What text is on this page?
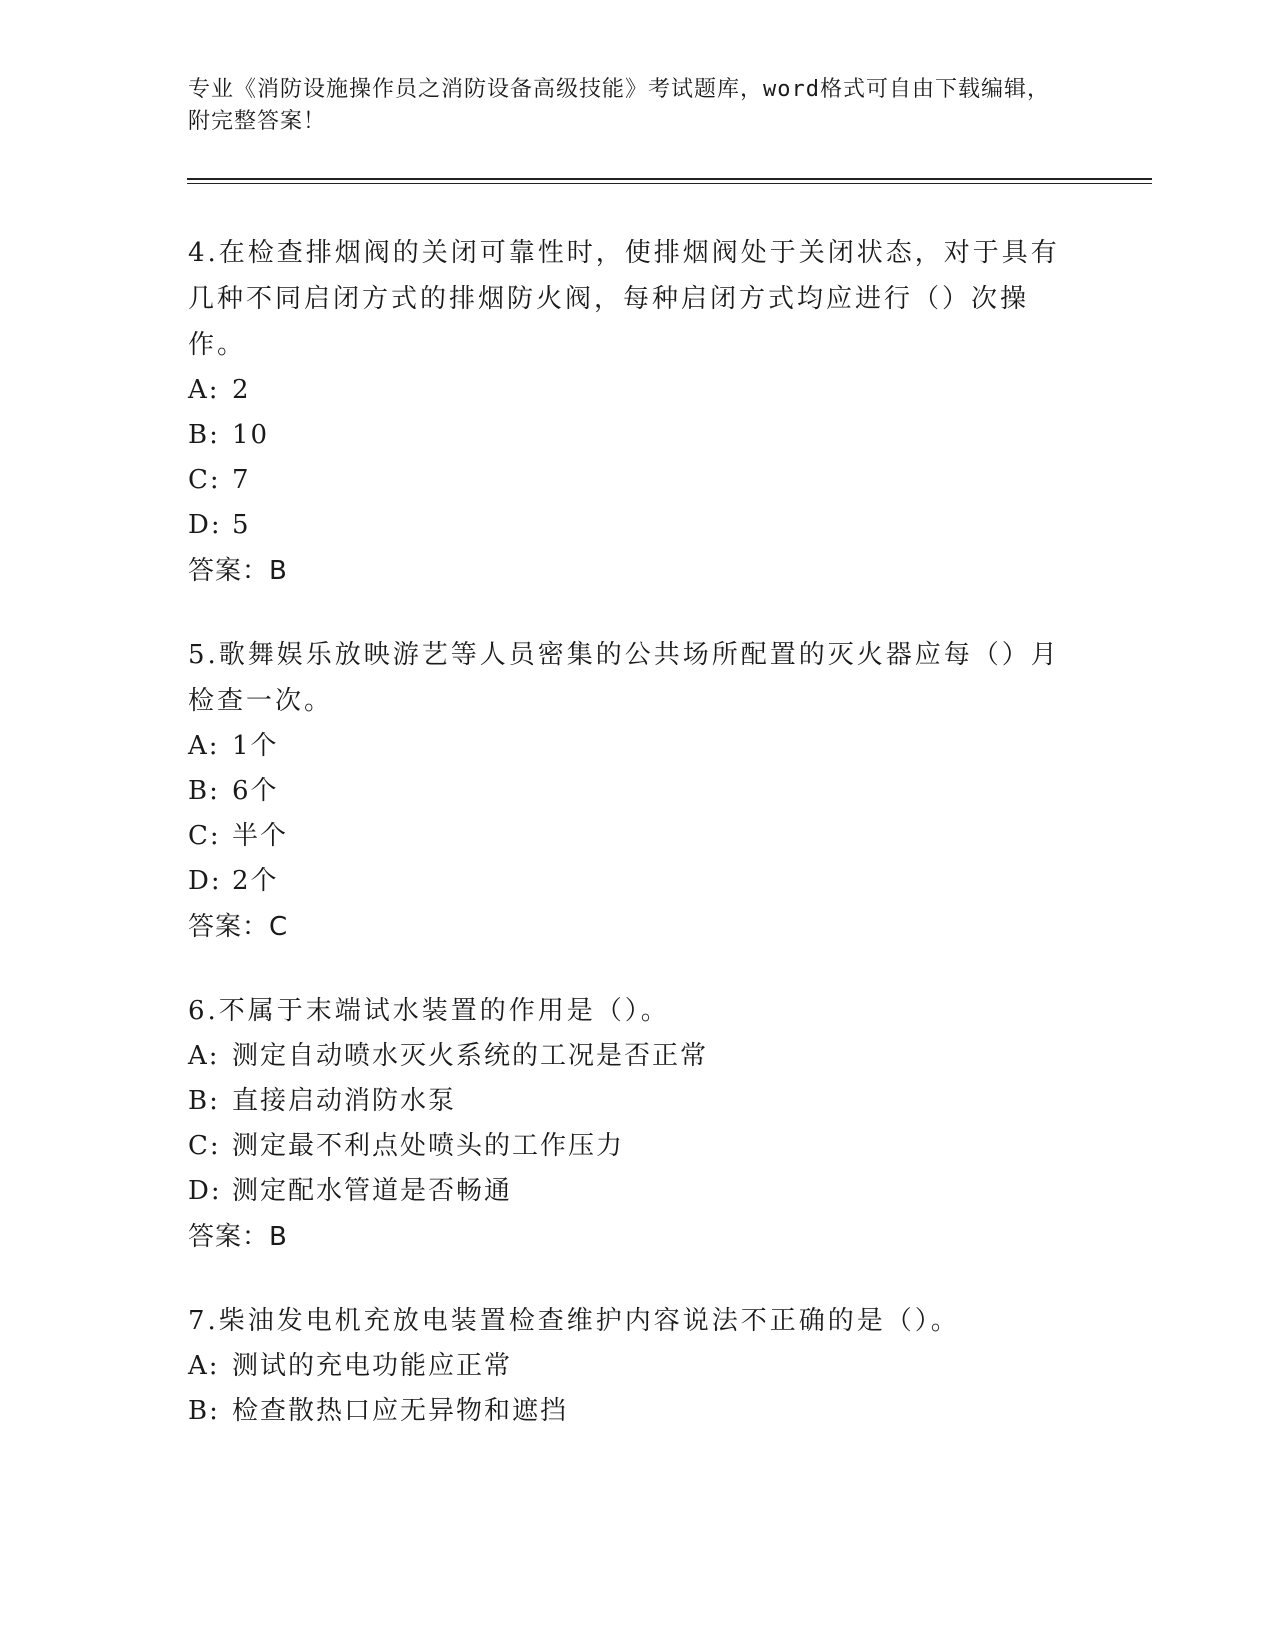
专业《消防设施操作员之消防设备高级技能》考试题库，word格式可自由下载编辑，附完整答案！
4.在检查排烟阀的关闭可靠性时，使排烟阀处于关闭状态，对于具有几种不同启闭方式的排烟防火阀，每种启闭方式均应进行（）次操作。
A: 2
B: 10
C: 7
D: 5
答案：B
5.歌舞娱乐放映游艺等人员密集的公共场所配置的灭火器应每（）月检查一次。
A: 1个
B: 6个
C: 半个
D: 2个
答案：C
6.不属于末端试水装置的作用是（）。
A: 测定自动喷水灭火系统的工况是否正常
B: 直接启动消防水泵
C: 测定最不利点处喷头的工作压力
D: 测定配水管道是否畅通
答案：B
7.柴油发电机充放电装置检查维护内容说法不正确的是（）。
A: 测试的充电功能应正常
B: 检查散热口应无异物和遮挡
